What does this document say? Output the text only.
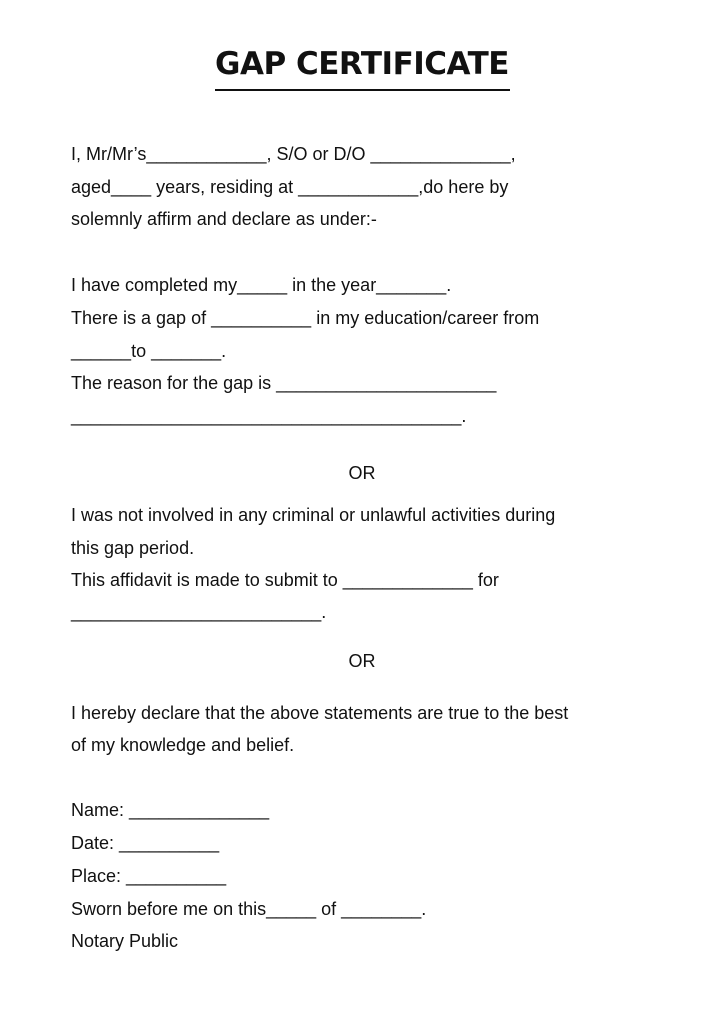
GAP CERTIFICATE

I, Mr/Mr’s____________, S/O or D/O ______________,

aged____ years, residing at ____________,do here by

solemnly affirm and declare as under:-

I have completed my_____ in the year_______.

There is a gap of __________ in my education/career from

______to _______.

The reason for the gap is ______________________

_______________________________________.

OR

I was not involved in any criminal or unlawful activities during

this gap period.

This affidavit is made to submit to _____________ for

_________________________.

OR

I hereby declare that the above statements are true to the best

of my knowledge and belief.

Name: ______________

Date: __________

Place: __________

Sworn before me on this_____ of ________.

Notary Public
